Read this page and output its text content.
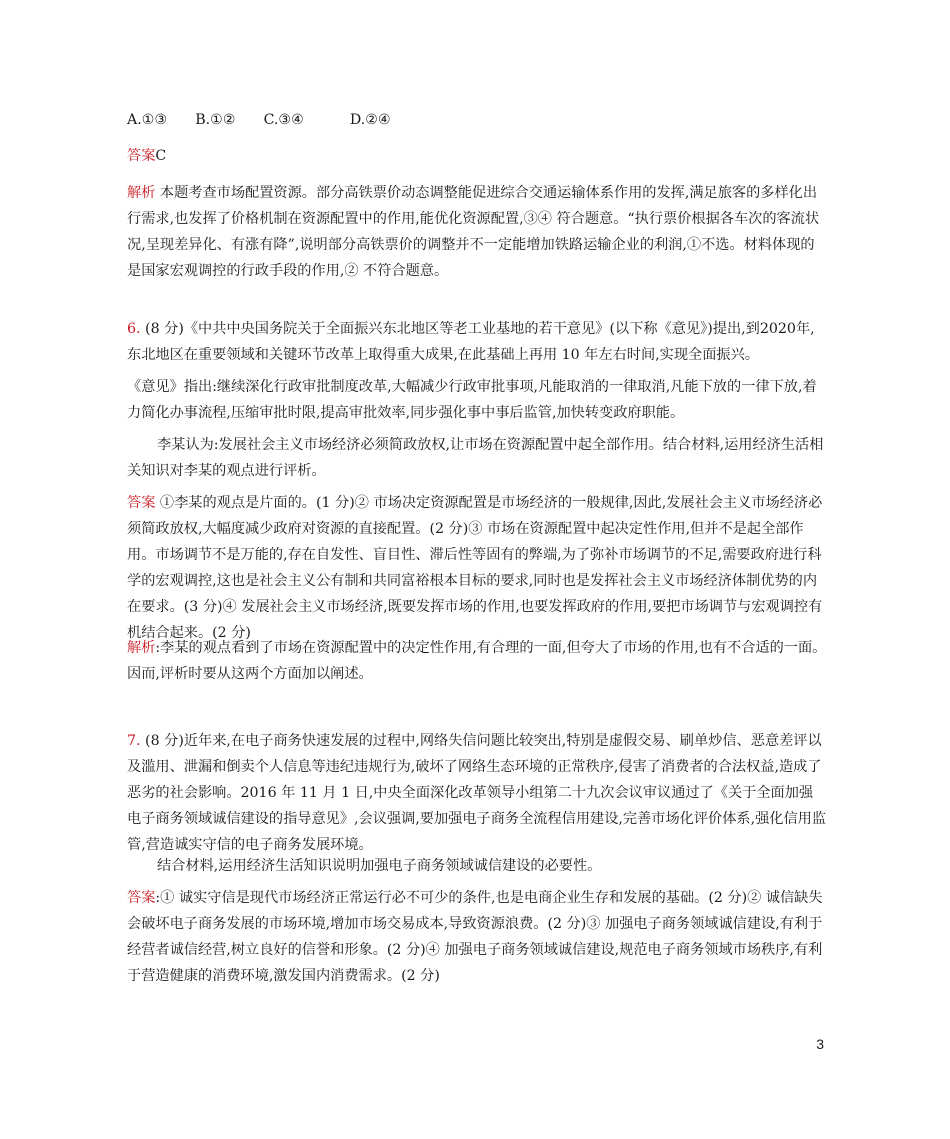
A.①③ B.①② C.③④	D.②④
答案C
解析 本题考查市场配置资源。部分高铁票价动态调整能促进综合交通运输体系作用的发挥,满足旅客的多样化出行需求,也发挥了价格机制在资源配置中的作用,能优化资源配置,③④ 符合题意。“执行票价根据各车次的客流状况,呈现差异化、有涨有降”,说明部分高铁票价的调整并不一定能增加铁路运输企业的利润,①不选。材料体现的是国家宏观调控的行政手段的作用,② 不符合题意。
6. (8 分)《中共中央国务院关于全面振兴东北地区等老工业基地的若干意见》(以下称《意见》)提出,到2020年,东北地区在重要领域和关键环节改革上取得重大成果,在此基础上再用 10 年左右时间,实现全面振兴。
《意见》指出:继续深化行政审批制度改革,大幅减少行政审批事项,凡能取消的一律取消,凡能下放的一律下放,着力简化办事流程,压缩审批时限,提高审批效率,同步强化事中事后监管,加快转变政府职能。
李某认为:发展社会主义市场经济必须简政放权,让市场在资源配置中起全部作用。结合材料,运用经济生活相关知识对李某的观点进行评析。
答案 ①李某的观点是片面的。(1 分)② 市场决定资源配置是市场经济的一般规律,因此,发展社会主义市场经济必须简政放权,大幅度减少政府对资源的直接配置。(2 分)③ 市场在资源配置中起决定性作用,但并不是起全部作用。市场调节不是万能的,存在自发性、盲目性、滞后性等固有的弊端,为了弥补市场调节的不足,需要政府进行科学的宏观调控,这也是社会主义公有制和共同富裕根本目标的要求,同时也是发挥社会主义市场经济体制优势的内在要求。(3 分)④ 发展社会主义市场经济,既要发挥市场的作用,也要发挥政府的作用,要把市场调节与宏观调控有机结合起来。(2 分)
解析:李某的观点看到了市场在资源配置中的决定性作用,有合理的一面,但夸大了市场的作用,也有不合适的一面。因而,评析时要从这两个方面加以阐述。
7. (8 分)近年来,在电子商务快速发展的过程中,网络失信问题比较突出,特别是虚假交易、刷单炒信、恶意差评以及滥用、泄漏和倒卖个人信息等违纪违规行为,破坏了网络生态环境的正常秩序,侵害了消费者的合法权益,造成了恶劣的社会影响。2016 年 11 月 1 日,中央全面深化改革领导小组第二十九次会议审议通过了《关于全面加强电子商务领域诚信建设的指导意见》,会议强调,要加强电子商务全流程信用建设,完善市场化评价体系,强化信用监管,营造诚实守信的电子商务发展环境。
结合材料,运用经济生活知识说明加强电子商务领域诚信建设的必要性。
答案:① 诚实守信是现代市场经济正常运行必不可少的条件,也是电商企业生存和发展的基础。(2 分)② 诚信缺失会破坏电子商务发展的市场环境,增加市场交易成本,导致资源浪费。(2 分)③ 加强电子商务领域诚信建设,有利于经营者诚信经营,树立良好的信誉和形象。(2 分)④ 加强电子商务领域诚信建设,规范电子商务领域市场秩序,有利于营造健康的消费环境,激发国内消费需求。(2 分)
3
